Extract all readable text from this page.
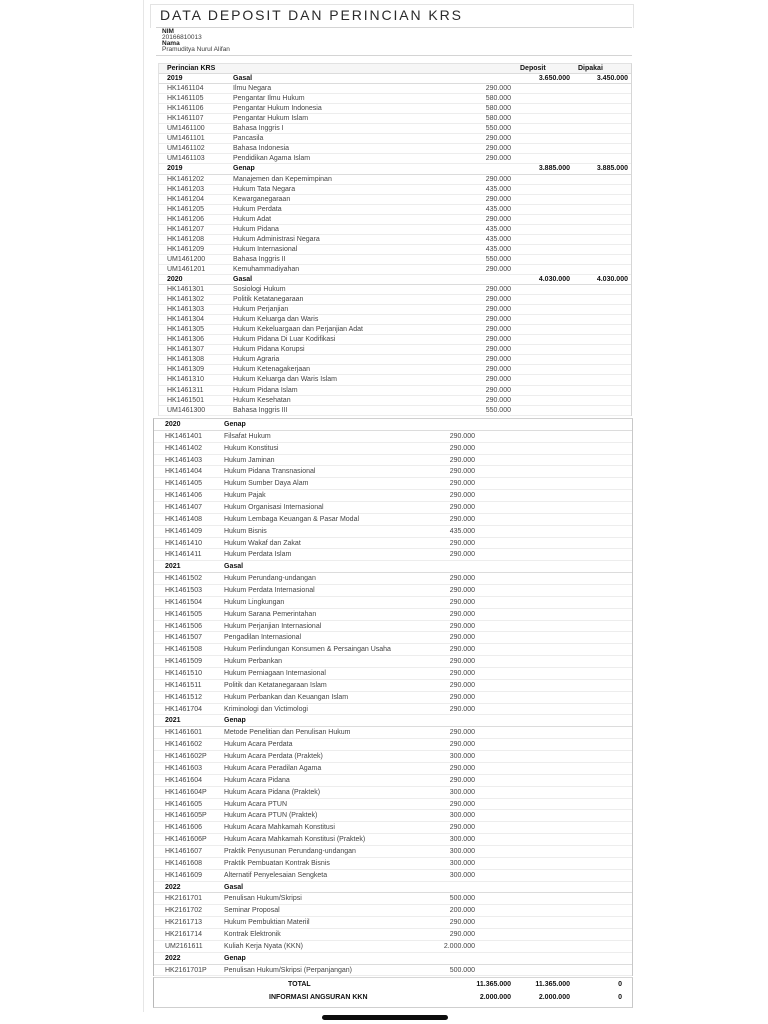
DATA DEPOSIT DAN PERINCIAN KRS
NIM
20166810013
Nama
Pramuditya Nurul Alifan
Perincian KRS	Deposit	Dipakai
2019	Gasal	3.650.000	3.450.000
HK1461104	Ilmu Negara	290.000
HK1461105	Pengantar Ilmu Hukum	580.000
HK1461106	Pengantar Hukum Indonesia	580.000
HK1461107	Pengantar Hukum Islam	580.000
UM1461100	Bahasa Inggris I	550.000
UM1461101	Pancasila	290.000
UM1461102	Bahasa Indonesia	290.000
UM1461103	Pendidikan Agama Islam	290.000
2019	Genap	3.885.000	3.885.000
HK1461202	Manajemen dan Kepemimpinan	290.000
HK1461203	Hukum Tata Negara	435.000
HK1461204	Kewarganegaraan	290.000
HK1461205	Hukum Perdata	435.000
HK1461206	Hukum Adat	290.000
HK1461207	Hukum Pidana	435.000
HK1461208	Hukum Administrasi Negara	435.000
HK1461209	Hukum Internasional	435.000
UM1461200	Bahasa Inggris II	550.000
UM1461201	Kemuhammadiyahan	290.000
2020	Gasal	4.030.000	4.030.000
HK1461301	Sosiologi Hukum	290.000
HK1461302	Politik Ketatanegaraan	290.000
HK1461303	Hukum Perjanjian	290.000
HK1461304	Hukum Keluarga dan Waris	290.000
HK1461305	Hukum Kekeluargaan dan Perjanjian Adat	290.000
HK1461306	Hukum Pidana Di Luar Kodifikasi	290.000
HK1461307	Hukum Pidana Korupsi	290.000
HK1461308	Hukum Agraria	290.000
HK1461309	Hukum Ketenagakerjaan	290.000
HK1461310	Hukum Keluarga dan Waris Islam	290.000
HK1461311	Hukum Pidana Islam	290.000
HK1461501	Hukum Kesehatan	290.000
UM1461300	Bahasa Inggris III	550.000
2020	Genap
HK1461401	Filsafat Hukum	290.000
HK1461402	Hukum Konstitusi	290.000
HK1461403	Hukum Jaminan	290.000
HK1461404	Hukum Pidana Transnasional	290.000
HK1461405	Hukum Sumber Daya Alam	290.000
HK1461406	Hukum Pajak	290.000
HK1461407	Hukum Organisasi Internasional	290.000
HK1461408	Hukum Lembaga Keuangan & Pasar Modal	290.000
HK1461409	Hukum Bisnis	435.000
HK1461410	Hukum Wakaf dan Zakat	290.000
HK1461411	Hukum Perdata Islam	290.000
2021	Gasal
HK1461502	Hukum Perundang-undangan	290.000
HK1461503	Hukum Perdata Internasional	290.000
HK1461504	Hukum Lingkungan	290.000
HK1461505	Hukum Sarana Pemerintahan	290.000
HK1461506	Hukum Perjanjian Internasional	290.000
HK1461507	Pengadilan Internasional	290.000
HK1461508	Hukum Perlindungan Konsumen & Persaingan Usaha	290.000
HK1461509	Hukum Perbankan	290.000
HK1461510	Hukum Perniagaan Internasional	290.000
HK1461511	Politik dan Ketatanegaraan Islam	290.000
HK1461512	Hukum Perbankan dan Keuangan Islam	290.000
HK1461704	Kriminologi dan Victimologi	290.000
2021	Genap
HK1461601	Metode Penelitian dan Penulisan Hukum	290.000
HK1461602	Hukum Acara Perdata	290.000
HK1461602P Hukum Acara Perdata (Praktek)	300.000
HK1461603	Hukum Acara Peradilan Agama	290.000
HK1461604	Hukum Acara Pidana	290.000
HK1461604P Hukum Acara Pidana (Praktek)	300.000
HK1461605	Hukum Acara PTUN	290.000
HK1461605P Hukum Acara PTUN (Praktek)	300.000
HK1461606	Hukum Acara Mahkamah Konstitusi	290.000
HK1461606P Hukum Acara Mahkamah Konstitusi (Praktek)	300.000
HK1461607	Praktik Penyusunan Perundang-undangan	300.000
HK1461608	Praktik Pembuatan Kontrak Bisnis	300.000
HK1461609	Alternatif Penyelesaian Sengketa	300.000
2022	Gasal
HK2161701	Penulisan Hukum/Skripsi	500.000
HK2161702	Seminar Proposal	200.000
HK2161713	Hukum Pembuktian Materiil	290.000
HK2161714	Kontrak Elektronik	290.000
UM2161611	Kuliah Kerja Nyata (KKN)	2.000.000
2022	Genap
HK2161701P Penulisan Hukum/Skripsi (Perpanjangan)	500.000
TOTAL	11.365.000	11.365.000	0
INFORMASI ANGSURAN KKN	2.000.000	2.000.000	0
